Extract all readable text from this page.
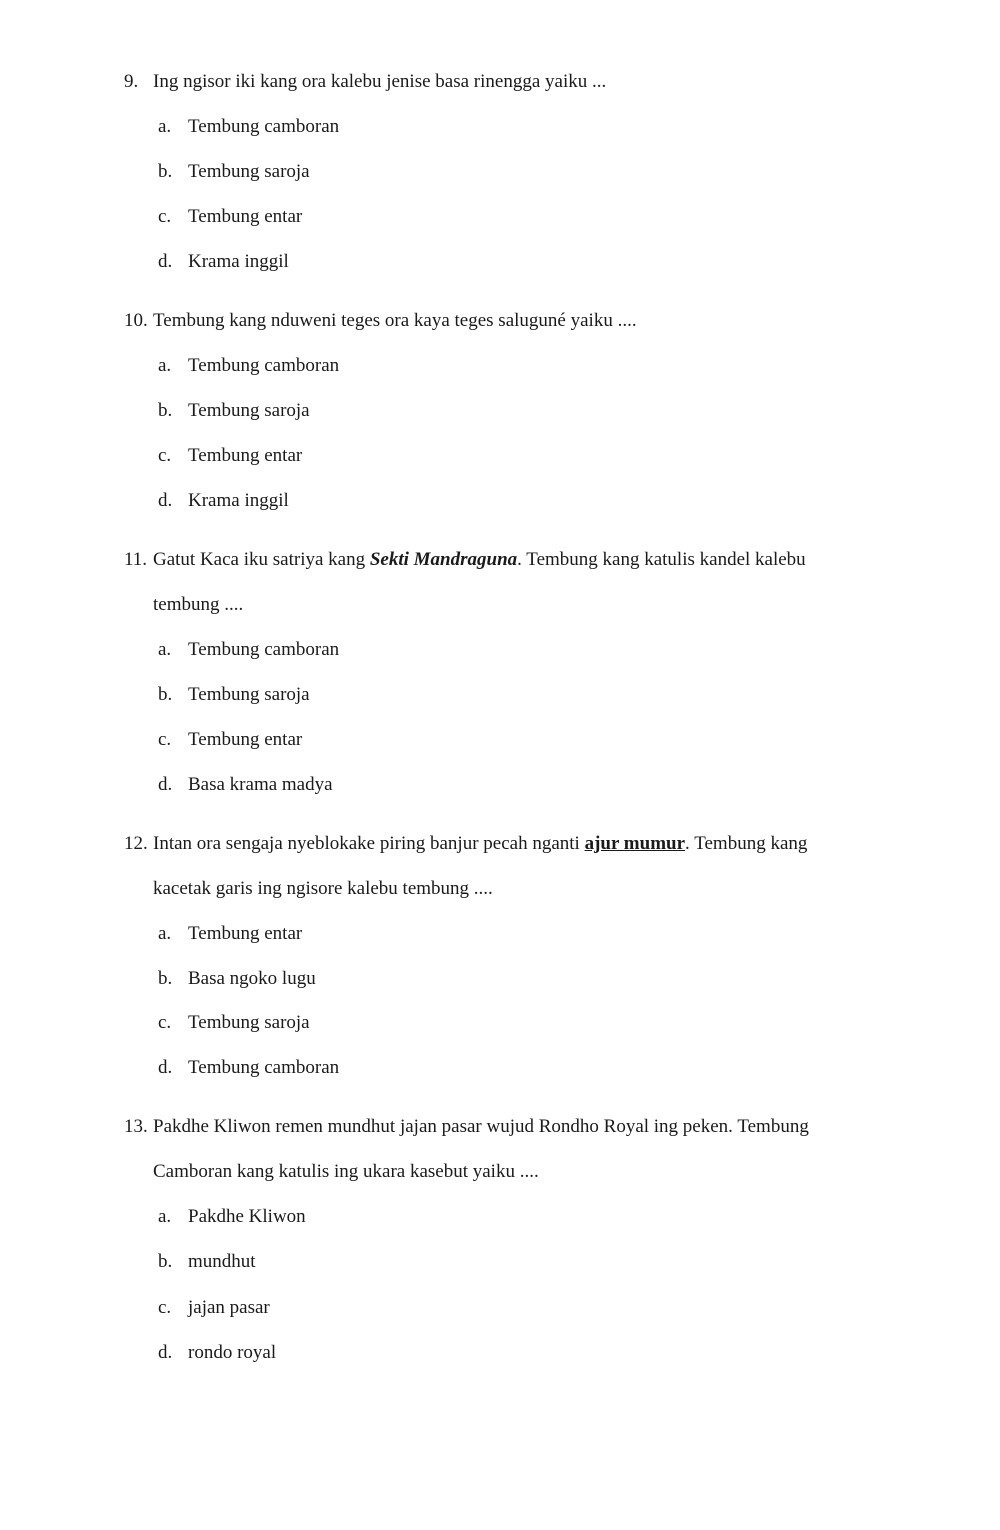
9. Ing ngisor iki kang ora kalebu jenise basa rinengga yaiku ...
a. Tembung camboran
b. Tembung saroja
c. Tembung entar
d. Krama inggil
10. Tembung kang nduweni teges ora kaya teges saluguné yaiku ....
a. Tembung camboran
b. Tembung saroja
c. Tembung entar
d. Krama inggil
11. Gatut Kaca iku satriya kang Sekti Mandraguna. Tembung kang katulis kandel kalebu
tembung ....
a. Tembung camboran
b. Tembung saroja
c. Tembung entar
d. Basa krama madya
12. Intan ora sengaja nyeblokake piring banjur pecah nganti ajur mumur. Tembung kang
kacetak garis ing ngisore kalebu tembung ....
a. Tembung entar
b. Basa ngoko lugu
c. Tembung saroja
d. Tembung camboran
13. Pakdhe Kliwon remen mundhut jajan pasar wujud Rondho Royal ing peken. Tembung
Camboran kang katulis ing ukara kasebut yaiku ....
a. Pakdhe Kliwon
b. mundhut
c. jajan pasar
d. rondo royal
